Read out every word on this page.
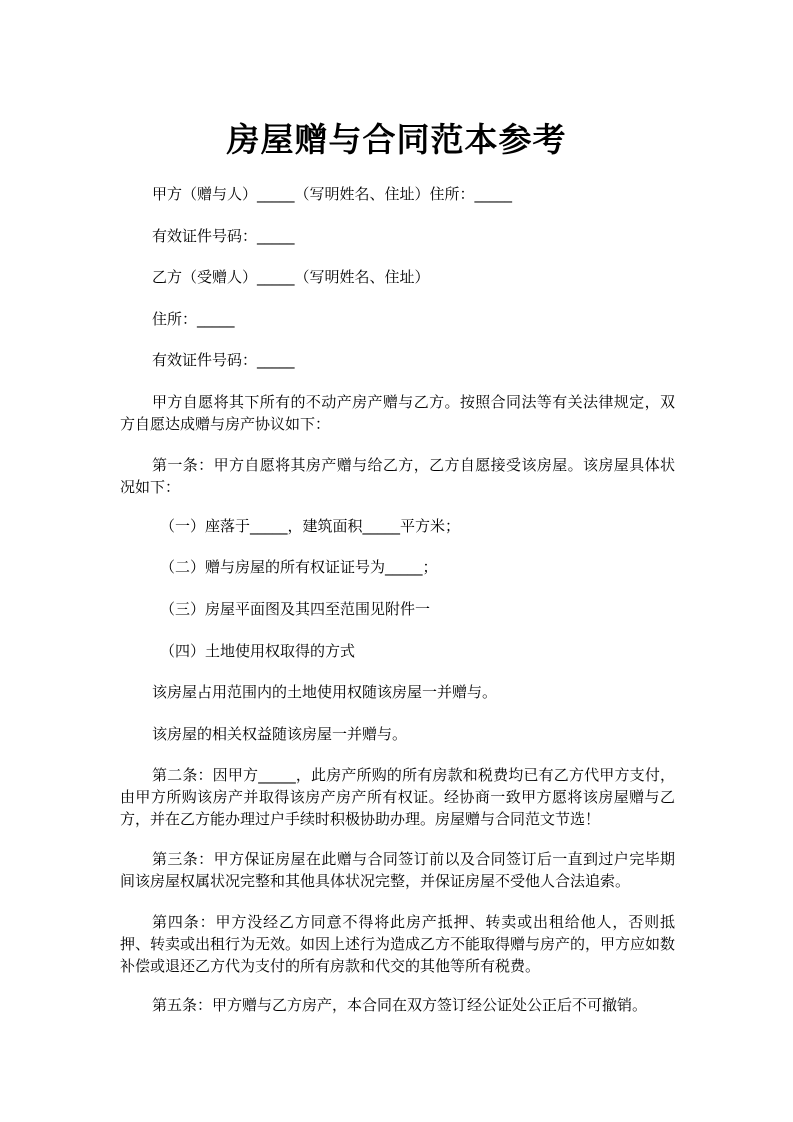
房屋赠与合同范本参考

甲方（赠与人）_____（写明姓名、住址）住所：_____

有效证件号码：_____

乙方（受赠人）_____（写明姓名、住址）

住所：_____

有效证件号码：_____

甲方自愿将其下所有的不动产房产赠与乙方。按照合同法等有关法律规定，双方自愿达成赠与房产协议如下：

第一条：甲方自愿将其房产赠与给乙方，乙方自愿接受该房屋。该房屋具体状况如下：

（一）座落于_____，建筑面积_____平方米；

（二）赠与房屋的所有权证证号为_____；

（三）房屋平面图及其四至范围见附件一

（四）土地使用权取得的方式

该房屋占用范围内的土地使用权随该房屋一并赠与。

该房屋的相关权益随该房屋一并赠与。

第二条：因甲方_____，此房产所购的所有房款和税费均已有乙方代甲方支付，由甲方所购该房产并取得该房产房产所有权证。经协商一致甲方愿将该房屋赠与乙方，并在乙方能办理过户手续时积极协助办理。房屋赠与合同范文节选！

第三条：甲方保证房屋在此赠与合同签订前以及合同签订后一直到过户完毕期间该房屋权属状况完整和其他具体状况完整，并保证房屋不受他人合法追索。

第四条：甲方没经乙方同意不得将此房产抵押、转卖或出租给他人，否则抵押、转卖或出租行为无效。如因上述行为造成乙方不能取得赠与房产的，甲方应如数补偿或退还乙方代为支付的所有房款和代交的其他等所有税费。

第五条：甲方赠与乙方房产，本合同在双方签订经公证处公正后不可撤销。
